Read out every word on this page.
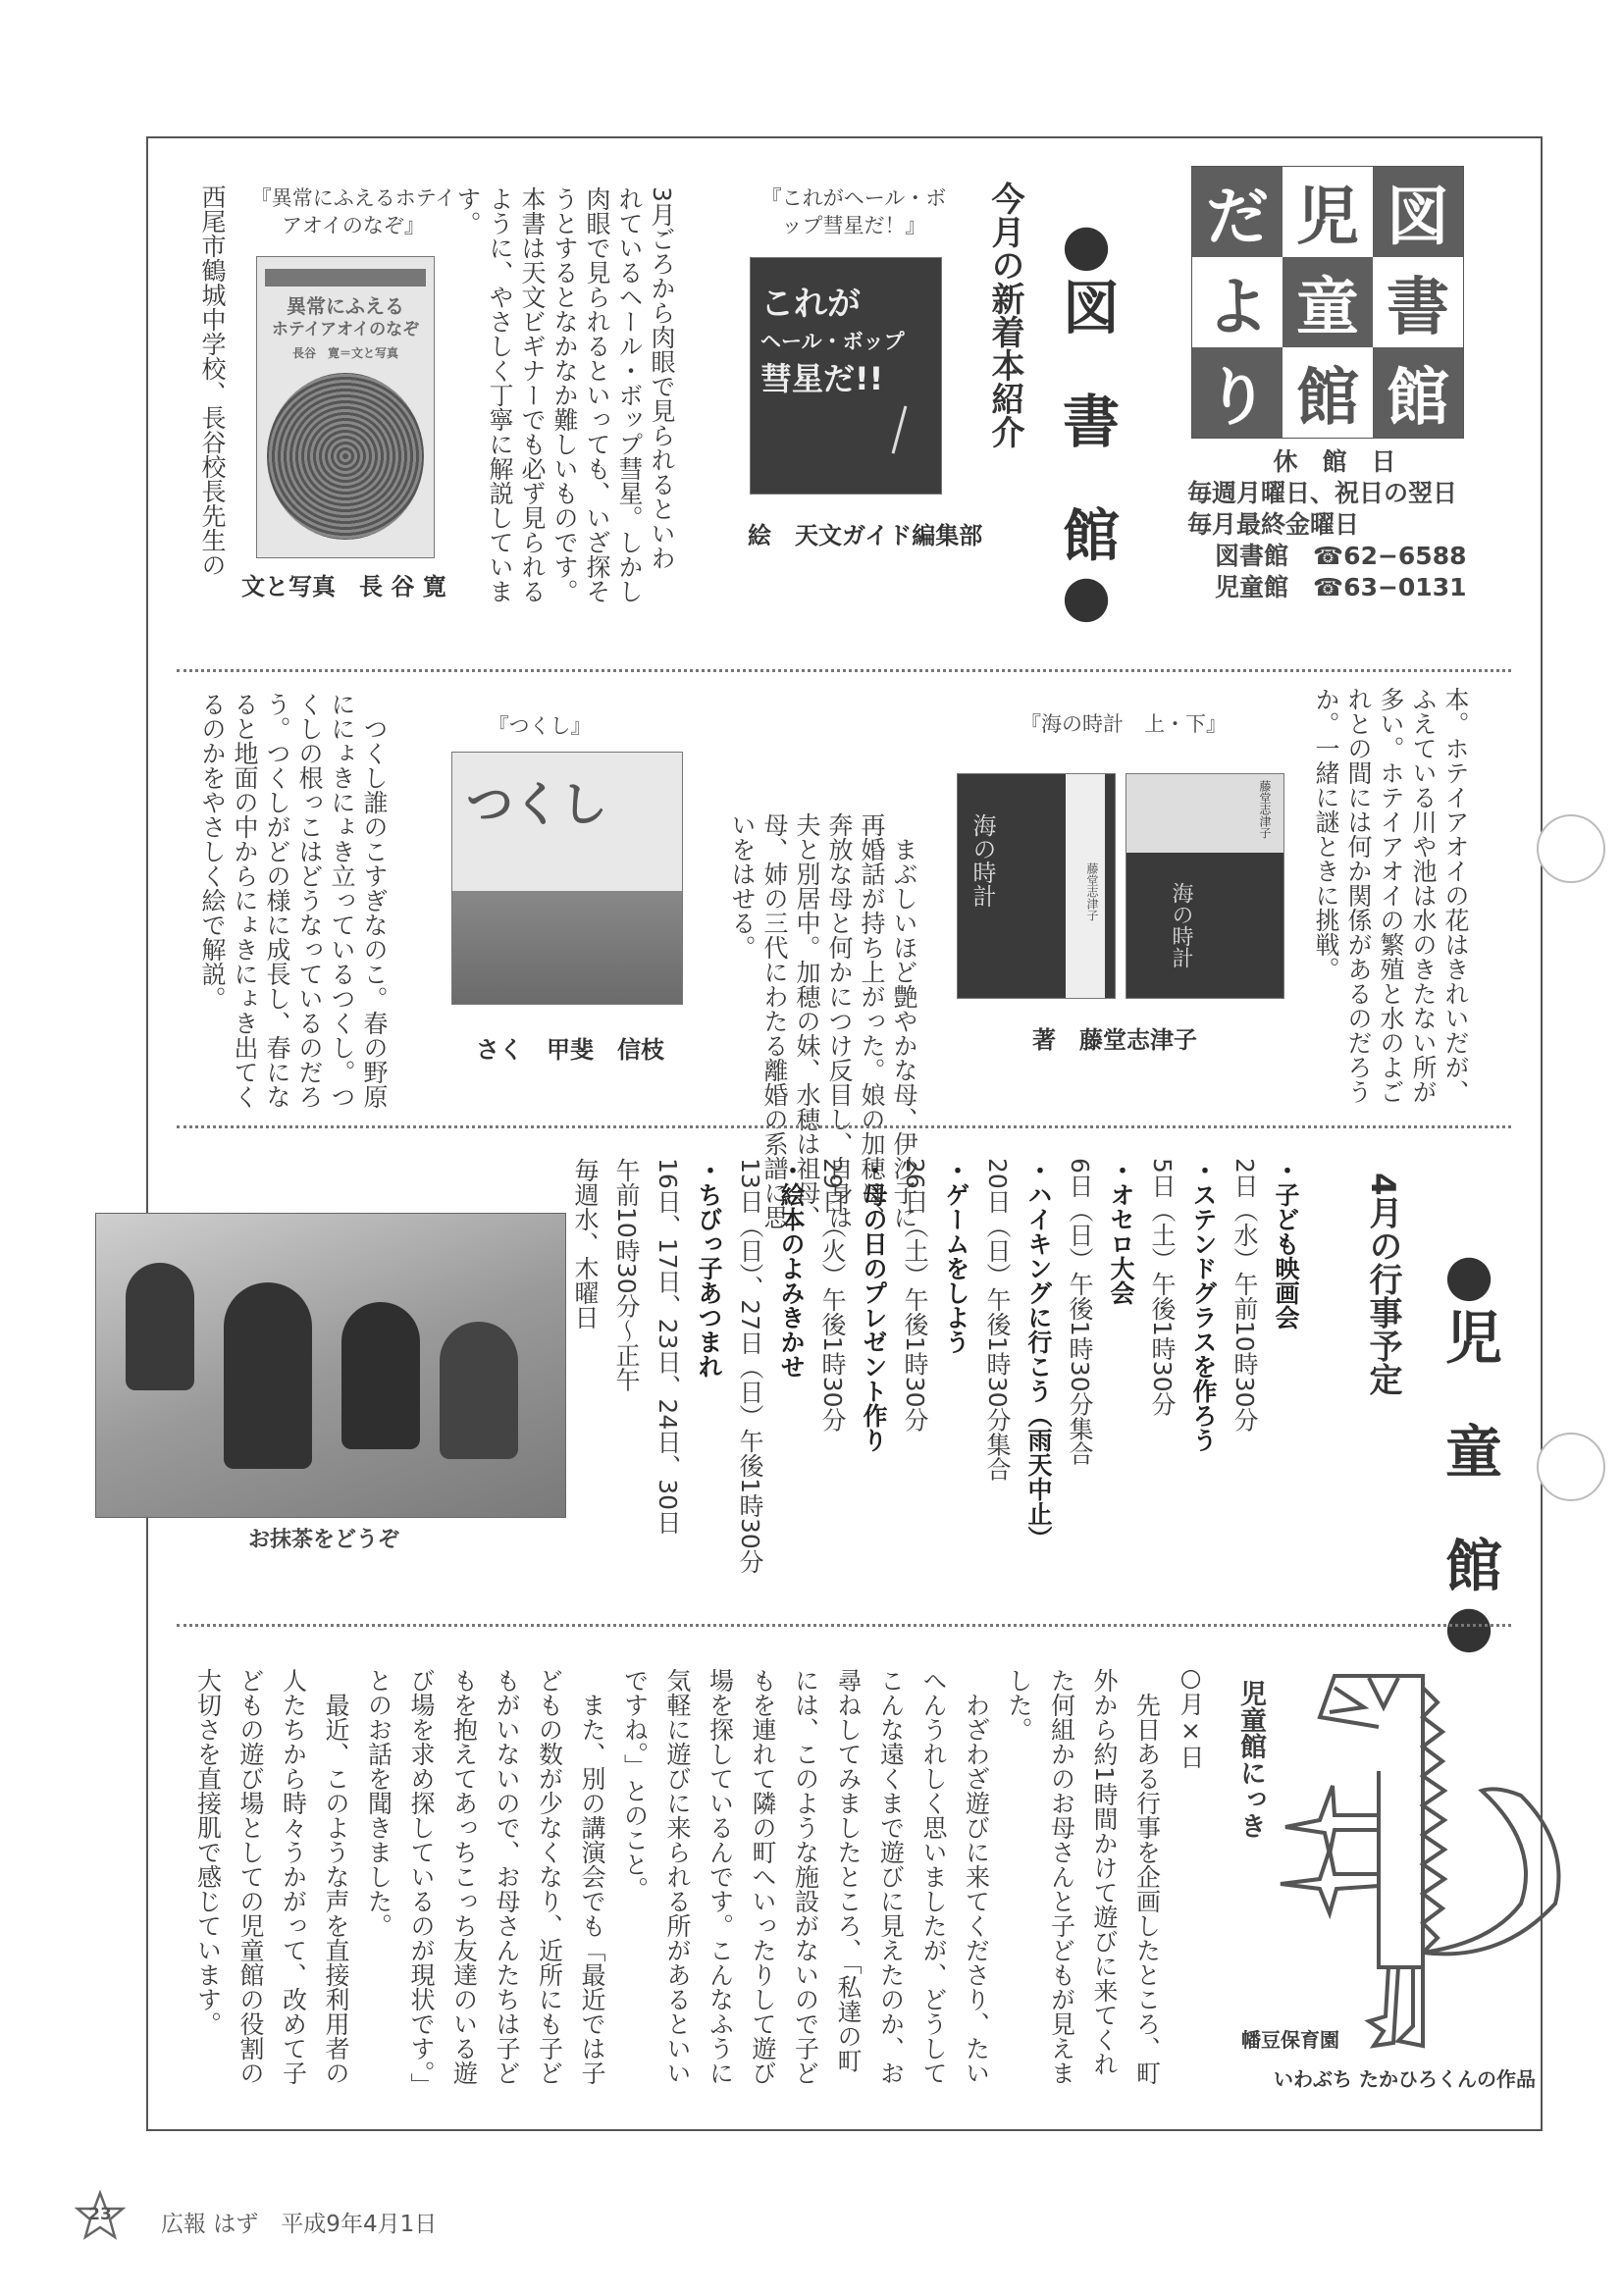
だ 児 図
よ 童 書
り 館 館
休　館　日
毎週月曜日、祝日の翌日
毎月最終金曜日
図書館　 ☎62−6588
児童館　 ☎63−0131
●図　書　館●
今月の新着本紹介
『これがヘール・ボップ彗星だ！』
これが
ヘール・ボップ
彗星だ!!
絵　天文ガイド編集部
3月ごろから肉眼で見られるといわ
れているヘール・ボップ彗星。しかし
肉眼で見られるといっても、いざ探そ
うとするとなかなか難しいものです。
本書は天文ビギナーでも必ず見られる
ように、やさしく丁寧に解説していま
す。
『異常にふえるホテイアオイのなぞ』
異常にふえる
ホテイアオイのなぞ
長谷　寛＝文と写真
文と写真　長 谷 寛
西尾市鶴城中学校、長谷校長先生の
本。ホテイアオイの花はきれいだが、
ふえている川や池は水のきたない所が
多い。ホテイアオイの繁殖と水のよご
れとの間には何か関係があるのだろう
か。一緒に謎ときに挑戦。
『海の時計　上・下』
海の時計	藤堂志津子
藤堂志津子
海の時計
著　藤堂志津子
　まぶしいほど艶やかな母、伊沙子に
再婚話が持ち上がった。娘の加穂は、
奔放な母と何かにつけ反目し、自身は
夫と別居中。加穂の妹、水穂は祖母、
母、姉の三代にわたる離婚の系譜に思
いをはせる。
『つくし』
つくし
さく　甲斐　信枝
　つくし誰のこすぎなのこ。春の野原
ににょきにょき立っているつくし。つ
くしの根っこはどうなっているのだろ
う。つくしがどの様に成長し、春にな
ると地面の中からにょきにょき出てく
るのかをやさしく絵で解説。
●児　童　館●
4月の行事予定
・子ども映画会
2日（水）午前10時30分
・ステンドグラスを作ろう
5日（土）午後1時30分
・オセロ大会
6日（日）午後1時30分集合
・ハイキングに行こう（雨天中止）
20日（日）午後1時30分集合
・ゲームをしよう
26日（土）午後1時30分
・母の日のプレゼント作り
29日（火）午後1時30分
・絵本のよみきかせ
13日（日）、27日（日）午後1時30分
・ちびっ子あつまれ
16日、17日、23日、24日、30日
午前10時30分～正午
毎週水、木曜日
お抹茶をどうぞ
児童館にっき
○月×日
　先日ある行事を企画したところ、町
外から約1時間かけて遊びに来てくれ
た何組かのお母さんと子どもが見えま
した。
　わざわざ遊びに来てくださり、たい
へんうれしく思いましたが、どうして
こんな遠くまで遊びに見えたのか、お
尋ねしてみましたところ、「私達の町
には、このような施設がないので子ど
もを連れて隣の町へいったりして遊び
場を探しているんです。こんなふうに
気軽に遊びに来られる所があるといい
ですね。」とのこと。
　また、別の講演会でも「最近では子
どもの数が少なくなり、近所にも子ど
もがいないので、お母さんたちは子ど
もを抱えてあっちこっち友達のいる遊
び場を求め探しているのが現状です。」
とのお話を聞きました。
　最近、このような声を直接利用者の
人たちから時々うかがって、改めて子
どもの遊び場としての児童館の役割の
大切さを直接肌で感じています。
幡豆保育園
いわぶち たかひろくんの作品
23	広報 はず　平成9年4月1日
